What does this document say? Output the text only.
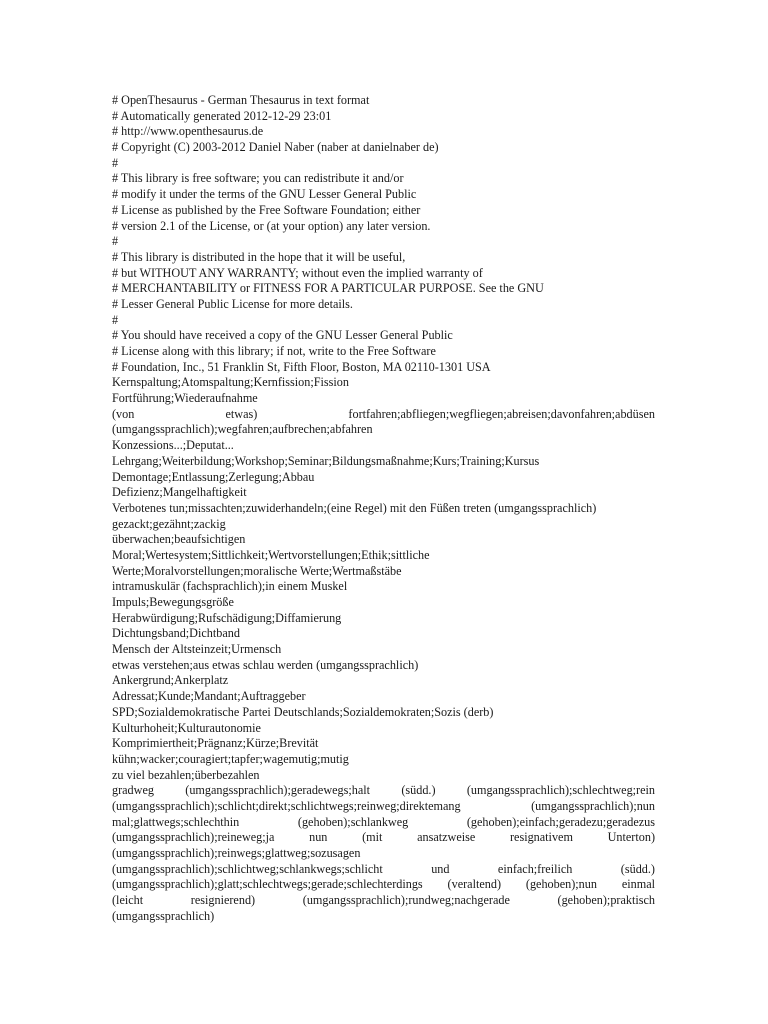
# OpenThesaurus - German Thesaurus in text format
# Automatically generated 2012-12-29 23:01
# http://www.openthesaurus.de
# Copyright (C) 2003-2012 Daniel Naber (naber at danielnaber de)
#
# This library is free software; you can redistribute it and/or
# modify it under the terms of the GNU Lesser General Public
# License as published by the Free Software Foundation; either
# version 2.1 of the License, or (at your option) any later version.
#
# This library is distributed in the hope that it will be useful,
# but WITHOUT ANY WARRANTY; without even the implied warranty of
# MERCHANTABILITY or FITNESS FOR A PARTICULAR PURPOSE. See the GNU
# Lesser General Public License for more details.
#
# You should have received a copy of the GNU Lesser General Public
# License along with this library; if not, write to the Free Software
# Foundation, Inc., 51 Franklin St, Fifth Floor, Boston, MA 02110-1301 USA
Kernspaltung;Atomspaltung;Kernfission;Fission
Fortführung;Wiederaufnahme
(von etwas) fortfahren;abfliegen;wegfliegen;abreisen;davonfahren;abdüsen
(umgangssprachlich);wegfahren;aufbrechen;abfahren
Konzessions...;Deputat...
Lehrgang;Weiterbildung;Workshop;Seminar;Bildungsmaßnahme;Kurs;Training;Kursus
Demontage;Entlassung;Zerlegung;Abbau
Defizienz;Mangelhaftigkeit
Verbotenes tun;missachten;zuwiderhandeln;(eine Regel) mit den Füßen treten (umgangssprachlich)
gezackt;gezähnt;zackig
überwachen;beaufsichtigen
Moral;Wertesystem;Sittlichkeit;Wertvorstellungen;Ethik;sittliche
Werte;Moralvorstellungen;moralische Werte;Wertmaßstäbe
intramuskulär (fachsprachlich);in einem Muskel
Impuls;Bewegungsgröße
Herabwürdigung;Rufschädigung;Diffamierung
Dichtungsband;Dichtband
Mensch der Altsteinzeit;Urmensch
etwas verstehen;aus etwas schlau werden (umgangssprachlich)
Ankergrund;Ankerplatz
Adressat;Kunde;Mandant;Auftraggeber
SPD;Sozialdemokratische Partei Deutschlands;Sozialdemokraten;Sozis (derb)
Kulturhoheit;Kulturautonomie
Komprimiertheit;Prägnanz;Kürze;Brevität
kühn;wacker;couragiert;tapfer;wagemutig;mutig
zu viel bezahlen;überbezahlen
gradweg (umgangssprachlich);geradewegs;halt (südd.) (umgangssprachlich);schlechtweg;rein
(umgangssprachlich);schlicht;direkt;schlichtwegs;reinweg;direktemang (umgangssprachlich);nun
mal;glattwegs;schlechthin (gehoben);schlankweg (gehoben);einfach;geradezu;geradezus
(umgangssprachlich);reineweg;ja nun (mit ansatzweise resignativem Unterton)
(umgangssprachlich);reinwegs;glattweg;sozusagen
(umgangssprachlich);schlichtweg;schlankwegs;schlicht und einfach;freilich (südd.)
(umgangssprachlich);glatt;schlechtwegs;gerade;schlechterdings (veraltend) (gehoben);nun einmal
(leicht resignierend) (umgangssprachlich);rundweg;nachgerade (gehoben);praktisch
(umgangssprachlich)
